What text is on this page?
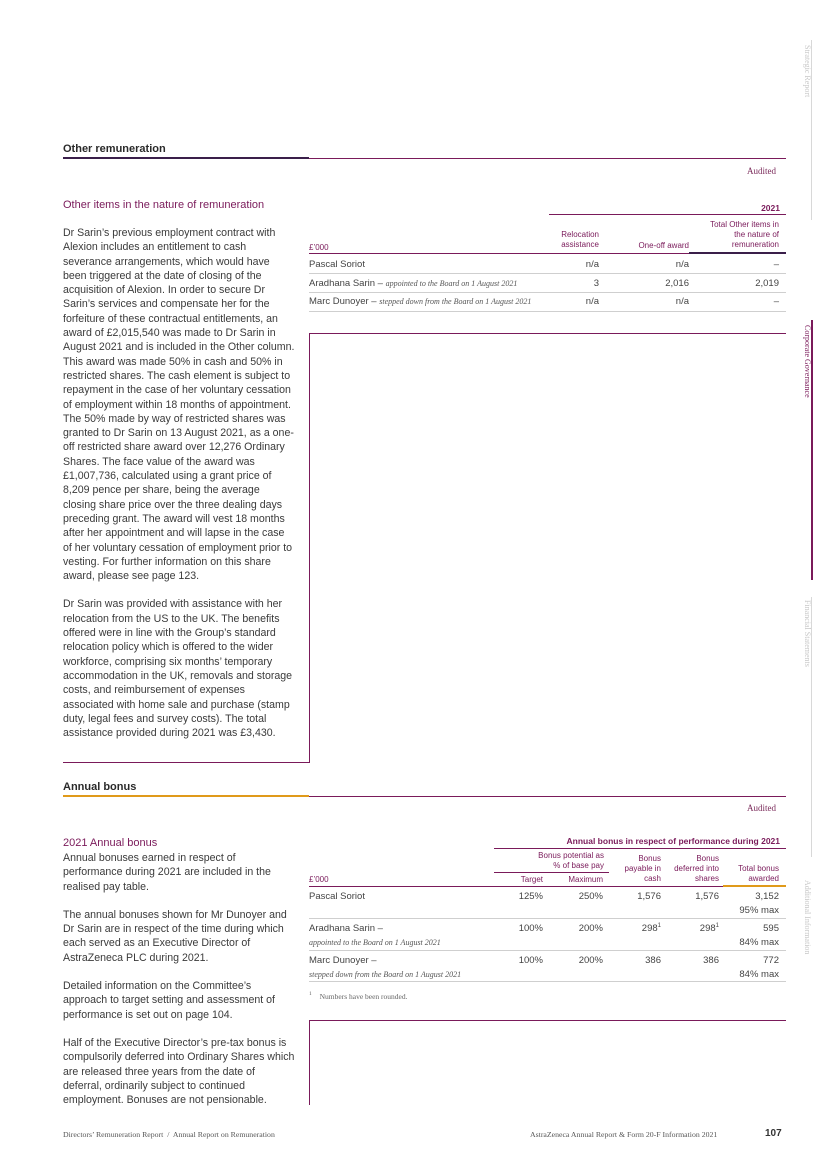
Strategic Report
Corporate Governance
Financial Statements
Additional Information
Other remuneration
Audited
Other items in the nature of remuneration

Dr Sarin’s previous employment contract with Alexion includes an entitlement to cash severance arrangements, which would have been triggered at the date of closing of the acquisition of Alexion. In order to secure Dr Sarin’s services and compensate her for the forfeiture of these contractual entitlements, an award of £2,015,540 was made to Dr Sarin in August 2021 and is included in the Other column. This award was made 50% in cash and 50% in restricted shares. The cash element is subject to repayment in the case of her voluntary cessation of employment within 18 months of appointment. The 50% made by way of restricted shares was granted to Dr Sarin on 13 August 2021, as a one-off restricted share award over 12,276 Ordinary Shares. The face value of the award was £1,007,736, calculated using a grant price of 8,209 pence per share, being the average closing share price over the three dealing days preceding grant. The award will vest 18 months after her appointment and will lapse in the case of her voluntary cessation of employment prior to vesting. For further information on this share award, please see page 123.

Dr Sarin was provided with assistance with her relocation from the US to the UK. The benefits offered were in line with the Group’s standard relocation policy which is offered to the wider workforce, comprising six months’ temporary accommodation in the UK, removals and storage costs, and reimbursement of expenses associated with home sale and purchase (stamp duty, legal fees and survey costs). The total assistance provided during 2021 was £3,430.

2021
£’000
Relocation assistance	One-off award
Total Other items in the nature of remuneration
Pascal Soriot	n/a	n/a	–
Aradhana Sarin – appointed to the Board on 1 August 2021	3	2,016	2,019
Marc Dunoyer – stepped down from the Board on 1 August 2021	n/a	n/a	–
Annual bonus
Audited
2021 Annual bonus

Annual bonuses earned in respect of performance during 2021 are included in the realised pay table.

The annual bonuses shown for Mr Dunoyer and Dr Sarin are in respect of the time during which each served as an Executive Director of AstraZeneca PLC during 2021.

Detailed information on the Committee’s approach to target setting and assessment of performance is set out on page 104.

Half of the Executive Director’s pre-tax bonus is compulsorily deferred into Ordinary Shares which are released three years from the date of deferral, ordinarily subject to continued employment. Bonuses are not pensionable.

Annual bonus in respect of performance during 2021
Bonus potential as % of base pay
£’000	Target	Maximum
Bonus payable in cash
Bonus deferred into shares
Total bonus awarded
Pascal Soriot	125%	250%	1,576	1,576	3,152
95% max
Aradhana Sarin –
appointed to the Board on 1 August 2021
100%	200%	$298^1$	$298^1$	595
84% max
Marc Dunoyer –
stepped down from the Board on 1 August 2021
100%	200%	386	386	772
84% max
$^1$ Numbers have been rounded.
Directors’ Remuneration Report  /  Annual Report on Remuneration	AstraZeneca Annual Report & Form 20-F Information 2021	107
